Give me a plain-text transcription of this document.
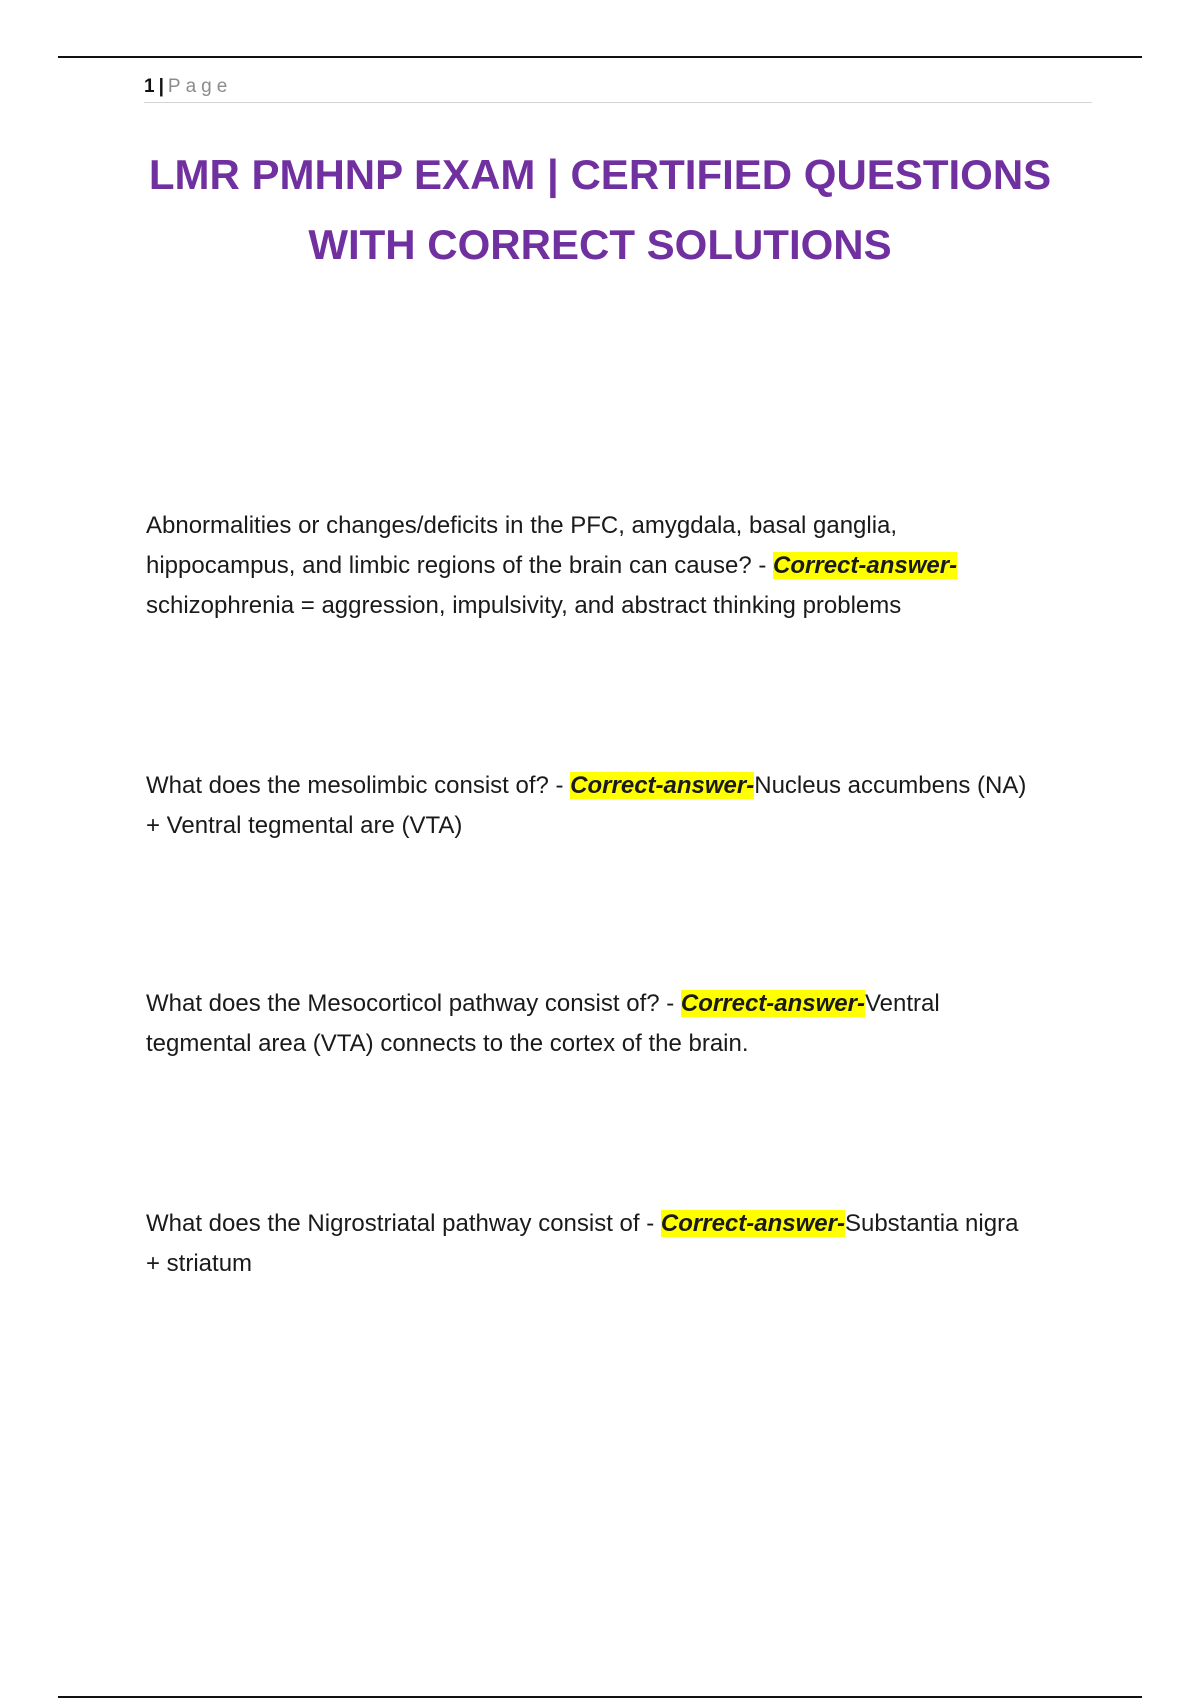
1 | Page
LMR PMHNP EXAM | CERTIFIED QUESTIONS
WITH CORRECT SOLUTIONS
Abnormalities or changes/deficits in the PFC, amygdala, basal ganglia,
hippocampus, and limbic regions of the brain can cause? - Correct-answer-
schizophrenia = aggression, impulsivity, and abstract thinking problems
What does the mesolimbic consist of? - Correct-answer-Nucleus accumbens (NA)
+ Ventral tegmental are (VTA)
What does the Mesocorticol pathway consist of? - Correct-answer-Ventral
tegmental area (VTA) connects to the cortex of the brain.
What does the Nigrostriatal pathway consist of - Correct-answer-Substantia nigra
+ striatum
